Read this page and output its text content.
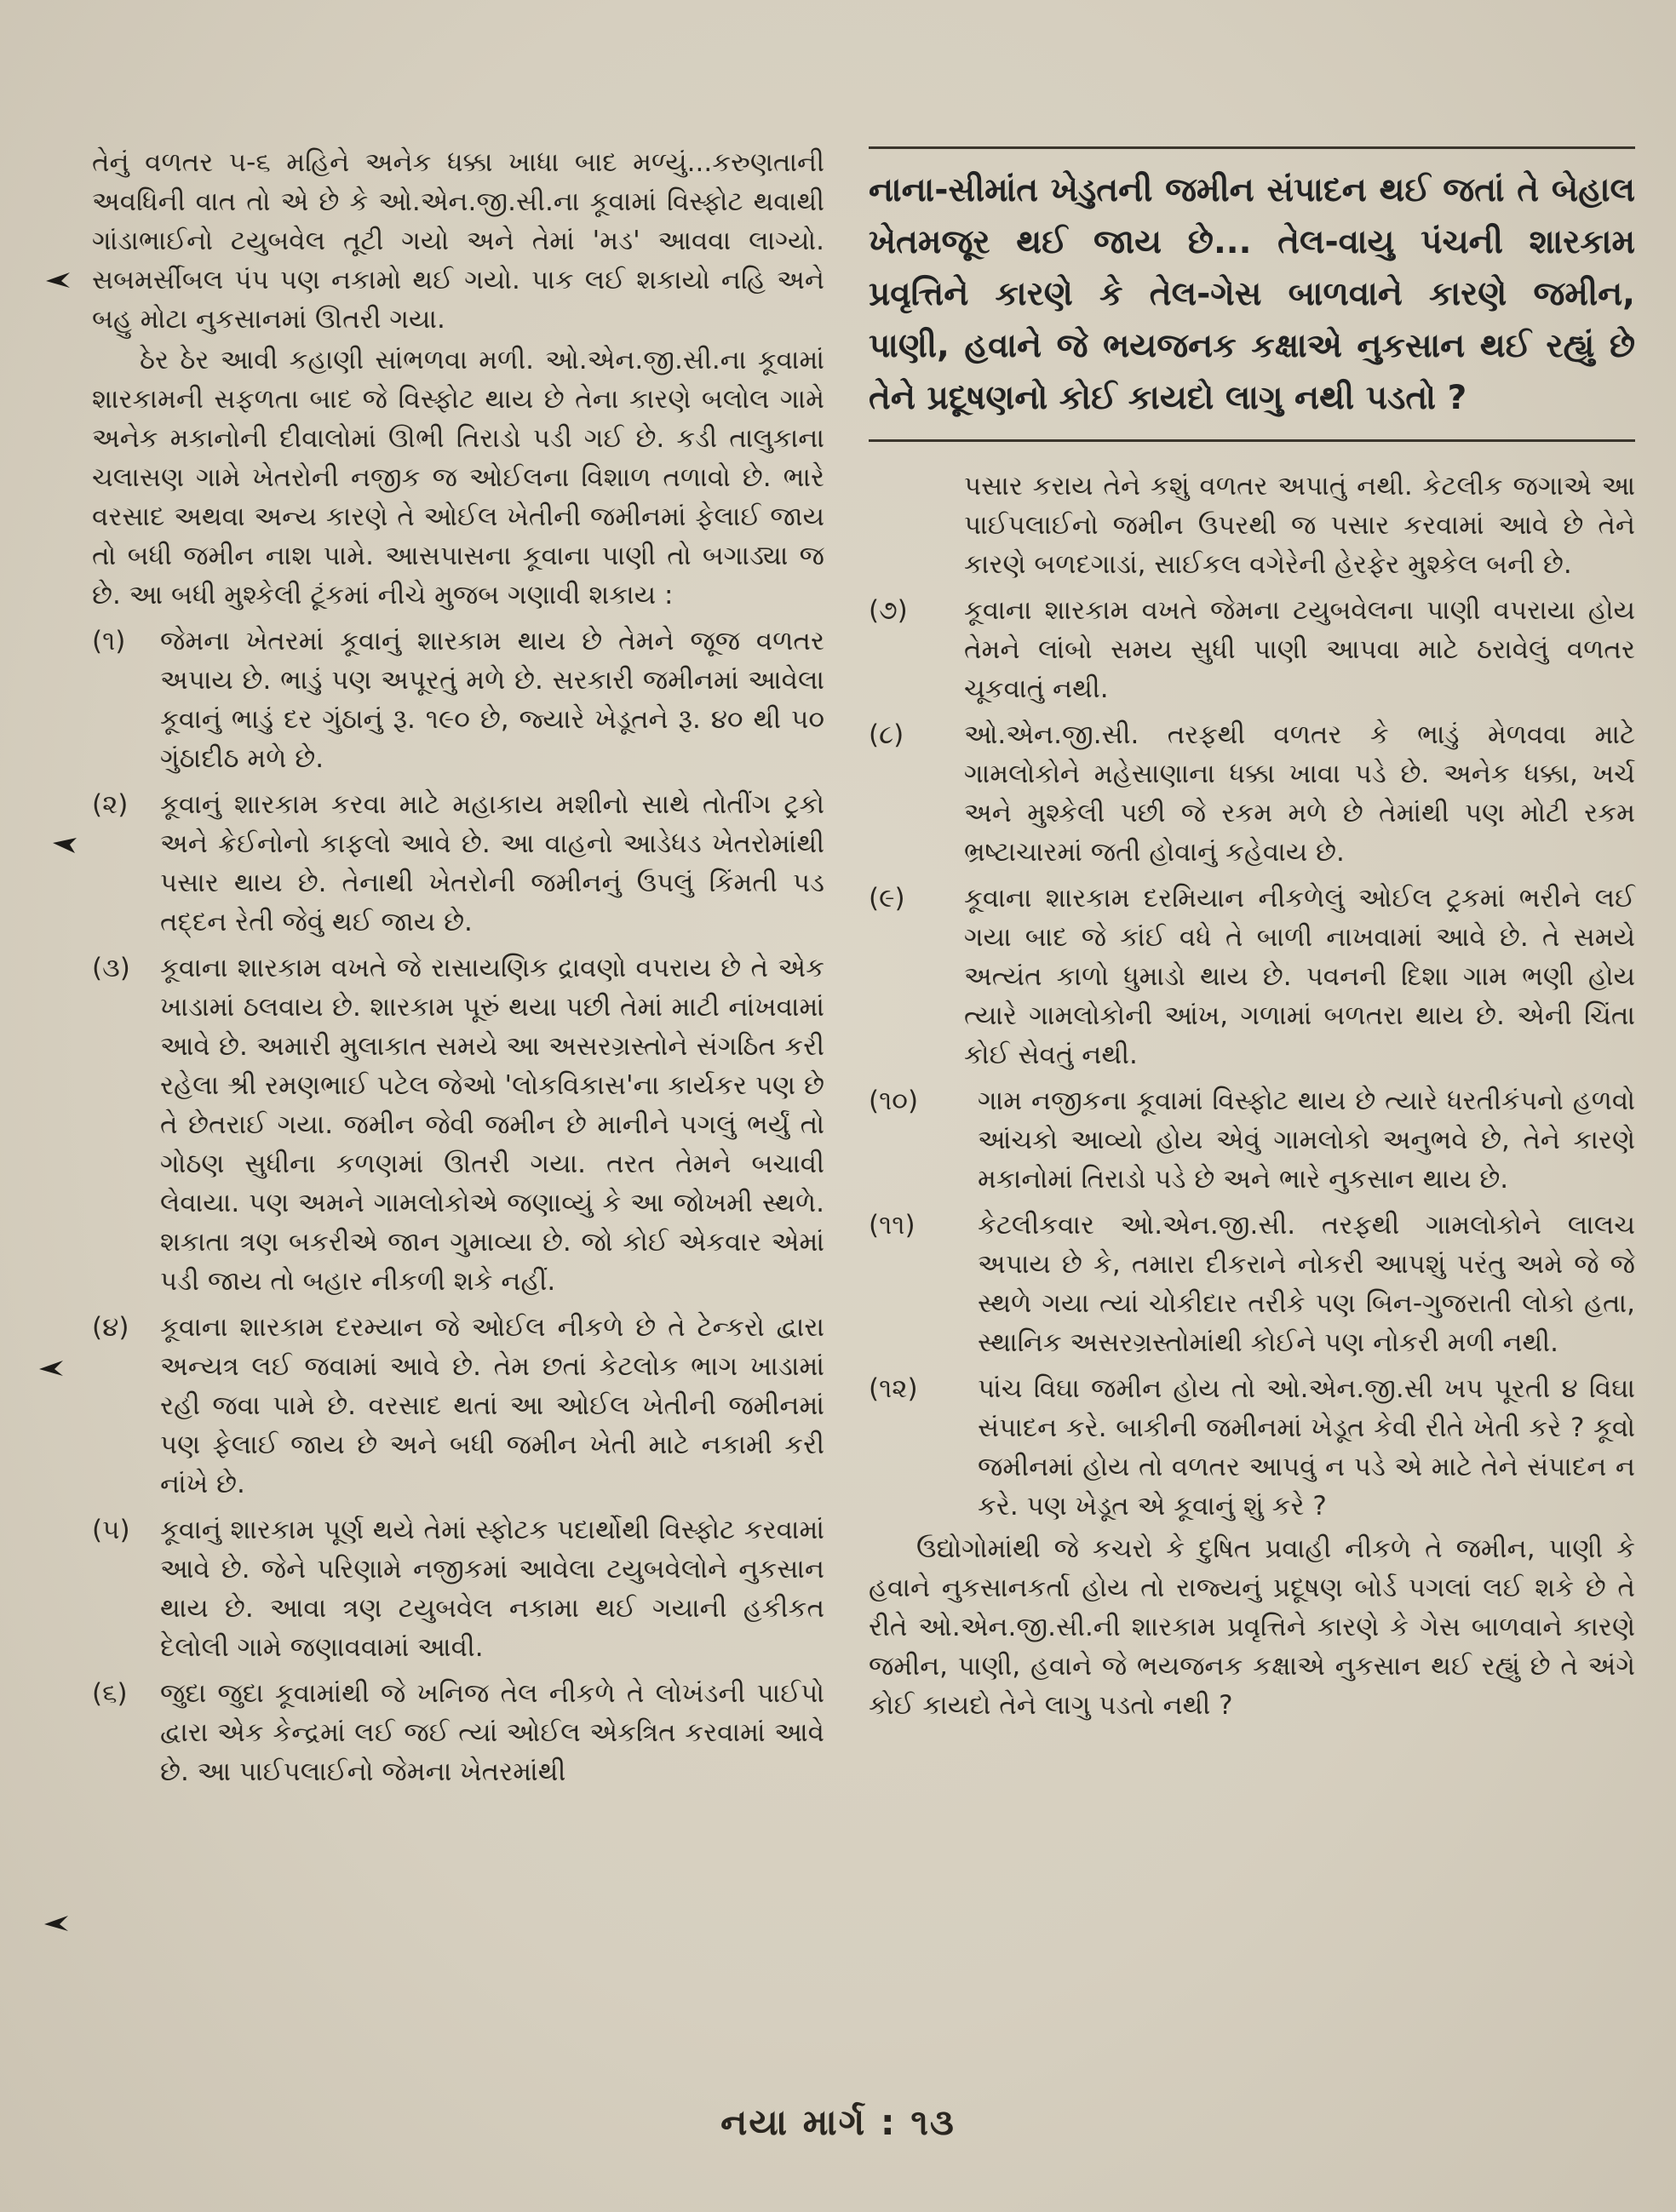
તેનું વળતર ૫-૬ મહિને અનેક ધક્કા ખાધા બાદ મળ્યું...કરુણતાની અવધિની વાત તો એ છે કે ઓ.એન.જી.સી.ના કૂવામાં વિસ્ફોટ થવાથી ગાંડાભાઈનો ટયુબવેલ તૂટી ગયો અને તેમાં 'મડ' આવવા લાગ્યો. સબમર્સીબલ પંપ પણ નકામો થઈ ગયો. પાક લઈ શકાયો નહિ અને બહુ મોટા નુકસાનમાં ઊતરી ગયા.

ઠેર ઠેર આવી કહાણી સાંભળવા મળી. ઓ.એન.જી.સી.ના કૂવામાં શારકામની સફળતા બાદ જે વિસ્ફોટ થાય છે તેના કારણે બલોલ ગામે અનેક મકાનોની દીવાલોમાં ઊભી તિરાડો પડી ગઈ છે. કડી તાલુકાના ચલાસણ ગામે ખેતરોની નજીક જ ઓઈલના વિશાળ તળાવો છે. ભારે વરસાદ અથવા અન્ય કારણે તે ઓઈલ ખેતીની જમીનમાં ફેલાઈ જાય તો બધી જમીન નાશ પામે. આસપાસના કૂવાના પાણી તો બગાડ્યા જ છે. આ બધી મુશ્કેલી ટૂંકમાં નીચે મુજબ ગણાવી શકાય :

(૧)	જેમના ખેતરમાં કૂવાનું શારકામ થાય છે તેમને જૂજ વળતર અપાય છે. ભાડું પણ અપૂરતું મળે છે. સરકારી જમીનમાં આવેલા કૂવાનું ભાડું દર ગુંઠાનું રૂ. ૧૯૦ છે, જ્યારે ખેડૂતને રૂ. ૪૦ થી ૫૦ ગુંઠાદીઠ મળે છે.
(૨)	કૂવાનું શારકામ કરવા માટે મહાકાય મશીનો સાથે તોતીંગ ટ્રકો અને ક્રેઈનોનો કાફલો આવે છે. આ વાહનો આડેધડ ખેતરોમાંથી પસાર થાય છે. તેનાથી ખેતરોની જમીનનું ઉપલું કિંમતી પડ તદ્દન રેતી જેવું થઈ જાય છે.
(૩)	કૂવાના શારકામ વખતે જે રાસાયણિક દ્રાવણો વપરાય છે તે એક ખાડામાં ઠલવાય છે. શારકામ પૂરું થયા પછી તેમાં માટી નાંખવામાં આવે છે. અમારી મુલાકાત સમયે આ અસરગ્રસ્તોને સંગઠિત કરી રહેલા શ્રી રમણભાઈ પટેલ જેઓ 'લોકવિકાસ'ના કાર્યકર પણ છે તે છેતરાઈ ગયા. જમીન જેવી જમીન છે માનીને પગલું ભર્યું તો ગોઠણ સુધીના કળણમાં ઊતરી ગયા. તરત તેમને બચાવી લેવાયા. પણ અમને ગામલોકોએ જણાવ્યું કે આ જોખમી સ્થળે. શકાતા ત્રણ બકરીએ જાન ગુમાવ્યા છે. જો કોઈ એકવાર એમાં પડી જાય તો બહાર નીકળી શકે નહીં.
(૪)	કૂવાના શારકામ દરમ્યાન જે ઓઈલ નીકળે છે તે ટેન્કરો દ્વારા અન્યત્ર લઈ જવામાં આવે છે. તેમ છતાં કેટલોક ભાગ ખાડામાં રહી જવા પામે છે. વરસાદ થતાં આ ઓઈલ ખેતીની જમીનમાં પણ ફેલાઈ જાય છે અને બધી જમીન ખેતી માટે નકામી કરી નાંખે છે.
(૫)	કૂવાનું શારકામ પૂર્ણ થયે તેમાં સ્ફોટક પદાર્થોથી વિસ્ફોટ કરવામાં આવે છે. જેને પરિણામે નજીકમાં આવેલા ટયુબવેલોને નુકસાન થાય છે. આવા ત્રણ ટયુબવેલ નકામા થઈ ગયાની હકીકત દેલોલી ગામે જણાવવામાં આવી.
(૬)	જુદા જુદા કૂવામાંથી જે ખનિજ તેલ નીકળે તે લોખંડની પાઈપો દ્વારા એક કેન્દ્રમાં લઈ જઈ ત્યાં ઓઈલ એકત્રિત કરવામાં આવે છે. આ પાઈપલાઈનો જેમના ખેતરમાંથી
નાના-સીમાંત ખેડુતની જમીન સંપાદન થઈ જતાં તે બેહાલ ખેતમજૂર થઈ જાય છે... તેલ-વાયુ પંચની શારકામ પ્રવૃત્તિને કારણે કે તેલ-ગેસ બાળવાને કારણે જમીન, પાણી, હવાને જે ભયજનક કક્ષાએ નુકસાન થઈ રહ્યું છે તેને પ્રદૂષણનો કોઈ કાયદો લાગુ નથી પડતો ?

પસાર કરાય તેને કશું વળતર અપાતું નથી. કેટલીક જગાએ આ પાઈપલાઈનો જમીન ઉપરથી જ પસાર કરવામાં આવે છે તેને કારણે બળદગાડાં, સાઈકલ વગેરેની હેરફેર મુશ્કેલ બની છે.

(૭)	કૂવાના શારકામ વખતે જેમના ટયુબવેલના પાણી વપરાયા હોય તેમને લાંબો સમય સુધી પાણી આપવા માટે ઠરાવેલું વળતર ચૂકવાતું નથી.
(૮)	ઓ.એન.જી.સી. તરફથી વળતર કે ભાડું મેળવવા માટે ગામલોકોને મહેસાણાના ધક્કા ખાવા પડે છે. અનેક ધક્કા, ખર્ચ અને મુશ્કેલી પછી જે રકમ મળે છે તેમાંથી પણ મોટી રકમ ભ્રષ્ટાચારમાં જતી હોવાનું કહેવાય છે.
(૯)	કૂવાના શારકામ દરમિયાન નીકળેલું ઓઈલ ટ્રકમાં ભરીને લઈ ગયા બાદ જે કાંઈ વધે તે બાળી નાખવામાં આવે છે. તે સમયે અત્યંત કાળો ધુમાડો થાય છે. પવનની દિશા ગામ ભણી હોય ત્યારે ગામલોકોની આંખ, ગળામાં બળતરા થાય છે. એની ચિંતા કોઈ સેવતું નથી.
(૧૦)	ગામ નજીકના કૂવામાં વિસ્ફોટ થાય છે ત્યારે ધરતીકંપનો હળવો આંચકો આવ્યો હોય એવું ગામલોકો અનુભવે છે, તેને કારણે મકાનોમાં તિરાડો પડે છે અને ભારે નુકસાન થાય છે.
(૧૧)	કેટલીકવાર ઓ.એન.જી.સી. તરફથી ગામલોકોને લાલચ અપાય છે કે, તમારા દીકરાને નોકરી આપશું પરંતુ અમે જે જે સ્થળે ગયા ત્યાં ચોકીદાર તરીકે પણ બિન-ગુજરાતી લોકો હતા, સ્થાનિક અસરગ્રસ્તોમાંથી કોઈને પણ નોકરી મળી નથી.
(૧૨)	પાંચ વિઘા જમીન હોય તો ઓ.એન.જી.સી ખપ પૂરતી ૪ વિઘા સંપાદન કરે. બાકીની જમીનમાં ખેડૂત કેવી રીતે ખેતી કરે ? કૂવો જમીનમાં હોય તો વળતર આપવું ન પડે એ માટે તેને સંપાદન ન કરે. પણ ખેડૂત એ કૂવાનું શું કરે ?

ઉદ્યોગોમાંથી જે કચરો કે દુષિત પ્રવાહી નીકળે તે જમીન, પાણી કે હવાને નુકસાનકર્તા હોય તો રાજ્યનું પ્રદૂષણ બોર્ડ પગલાં લઈ શકે છે તે રીતે ઓ.એન.જી.સી.ની શારકામ પ્રવૃત્તિને કારણે કે ગેસ બાળવાને કારણે જમીન, પાણી, હવાને જે ભયજનક કક્ષાએ નુકસાન થઈ રહ્યું છે તે અંગે કોઈ કાયદો તેને લાગુ પડતો નથી ?

નયા માર્ગ : ૧૩
